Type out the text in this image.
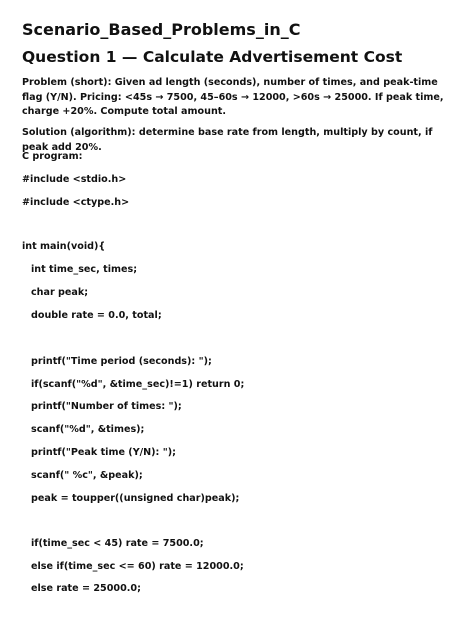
Scenario_Based_Problems_in_C
Question 1 — Calculate Advertisement Cost
Problem (short): Given ad length (seconds), number of times, and peak-time flag (Y/N). Pricing: <45s → 7500, 45–60s → 12000, >60s → 25000. If peak time, charge +20%. Compute total amount.
Solution (algorithm): determine base rate from length, multiply by count, if peak add 20%.
C program:
#include <stdio.h>
#include <ctype.h>
int main(void){
int time_sec, times;
char peak;
double rate = 0.0, total;
printf("Time period (seconds): ");
if(scanf("%d", &time_sec)!=1) return 0;
printf("Number of times: ");
scanf("%d", &times);
printf("Peak time (Y/N): ");
scanf(" %c", &peak);
peak = toupper((unsigned char)peak);
if(time_sec < 45) rate = 7500.0;
else if(time_sec <= 60) rate = 12000.0;
else rate = 25000.0;
